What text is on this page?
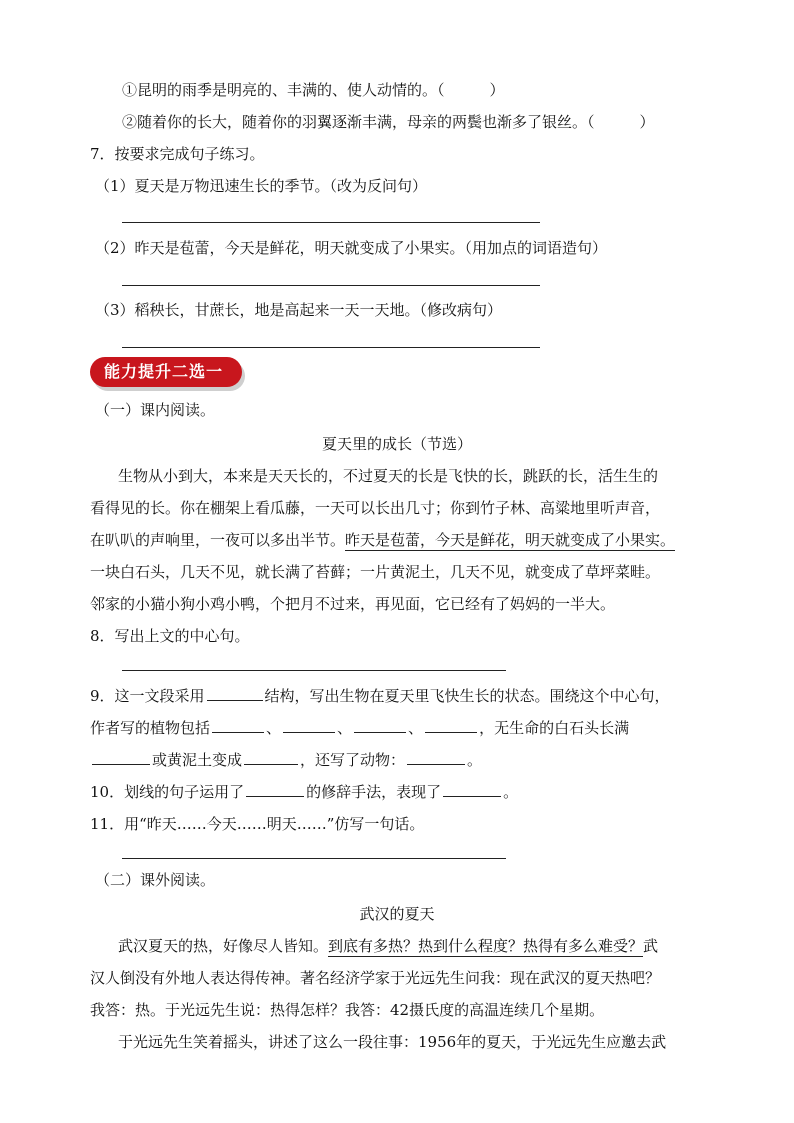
①昆明的雨季是明亮的、丰满的、使人动情的。（　　　）
②随着你的长大，随着你的羽翼逐渐丰满，母亲的两鬓也渐多了银丝。（　　　）
7．按要求完成句子练习。
（1）夏天是万物迅速生长的季节。（改为反问句）
（2）昨天是苞蕾，今天是鲜花，明天就变成了小果实。（用加点的词语造句）
（3）稻秧长，甘蔗长，地是高起来一天一天地。（修改病句）
能力提升二选一
（一）课内阅读。
夏天里的成长（节选）
生物从小到大，本来是天天长的，不过夏天的长是飞快的长，跳跃的长，活生生的
看得见的长。你在棚架上看瓜藤，一天可以长出几寸；你到竹子林、高粱地里听声音，
在叭叭的声响里，一夜可以多出半节。昨天是苞蕾，今天是鲜花，明天就变成了小果实。
一块白石头，几天不见，就长满了苔藓；一片黄泥土，几天不见，就变成了草坪菜畦。
邻家的小猫小狗小鸡小鸭，个把月不过来，再见面，它已经有了妈妈的一半大。
8．写出上文的中心句。
9．这一文段采用	结构，写出生物在夏天里飞快生长的状态。围绕这个中心句，
作者写的植物包括	、	、	、	，无生命的白石头长满
或黄泥土变成	，还写了动物：	。
10．划线的句子运用了	的修辞手法，表现了	。
11．用“昨天……今天……明天……”仿写一句话。
（二）课外阅读。
武汉的夏天
武汉夏天的热，好像尽人皆知。到底有多热？热到什么程度？热得有多么难受？武
汉人倒没有外地人表达得传神。著名经济学家于光远先生问我：现在武汉的夏天热吧？
我答：热。于光远先生说：热得怎样？我答：42摄氏度的高温连续几个星期。
于光远先生笑着摇头，讲述了这么一段往事：1956年的夏天，于光远先生应邀去武
